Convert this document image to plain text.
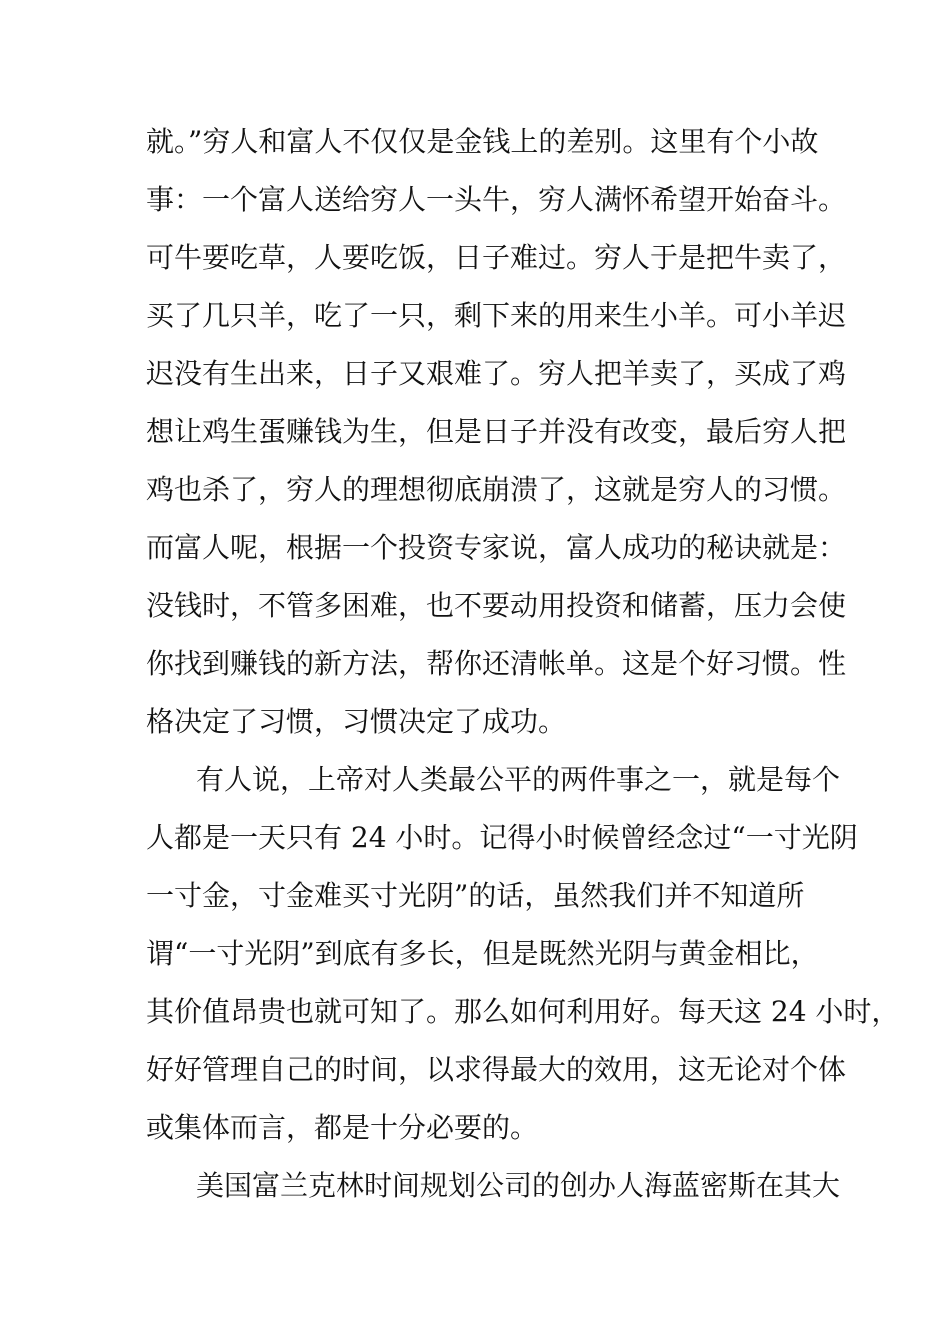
就。”穷人和富人不仅仅是金钱上的差别。这里有个小故
事：一个富人送给穷人一头牛，穷人满怀希望开始奋斗。
可牛要吃草，人要吃饭，日子难过。穷人于是把牛卖了，
买了几只羊，吃了一只，剩下来的用来生小羊。可小羊迟
迟没有生出来，日子又艰难了。穷人把羊卖了，买成了鸡
想让鸡生蛋赚钱为生，但是日子并没有改变，最后穷人把
鸡也杀了，穷人的理想彻底崩溃了，这就是穷人的习惯。
而富人呢，根据一个投资专家说，富人成功的秘诀就是：
没钱时，不管多困难，也不要动用投资和储蓄，压力会使
你找到赚钱的新方法，帮你还清帐单。这是个好习惯。性
格决定了习惯，习惯决定了成功。
有人说，上帝对人类最公平的两件事之一，就是每个
人都是一天只有 24 小时。记得小时候曾经念过“一寸光阴
一寸金，寸金难买寸光阴”的话，虽然我们并不知道所
谓“一寸光阴”到底有多长，但是既然光阴与黄金相比，
其价值昂贵也就可知了。那么如何利用好。每天这 24 小时，
好好管理自己的时间，以求得最大的效用，这无论对个体
或集体而言，都是十分必要的。
美国富兰克林时间规划公司的创办人海蓝密斯在其大
